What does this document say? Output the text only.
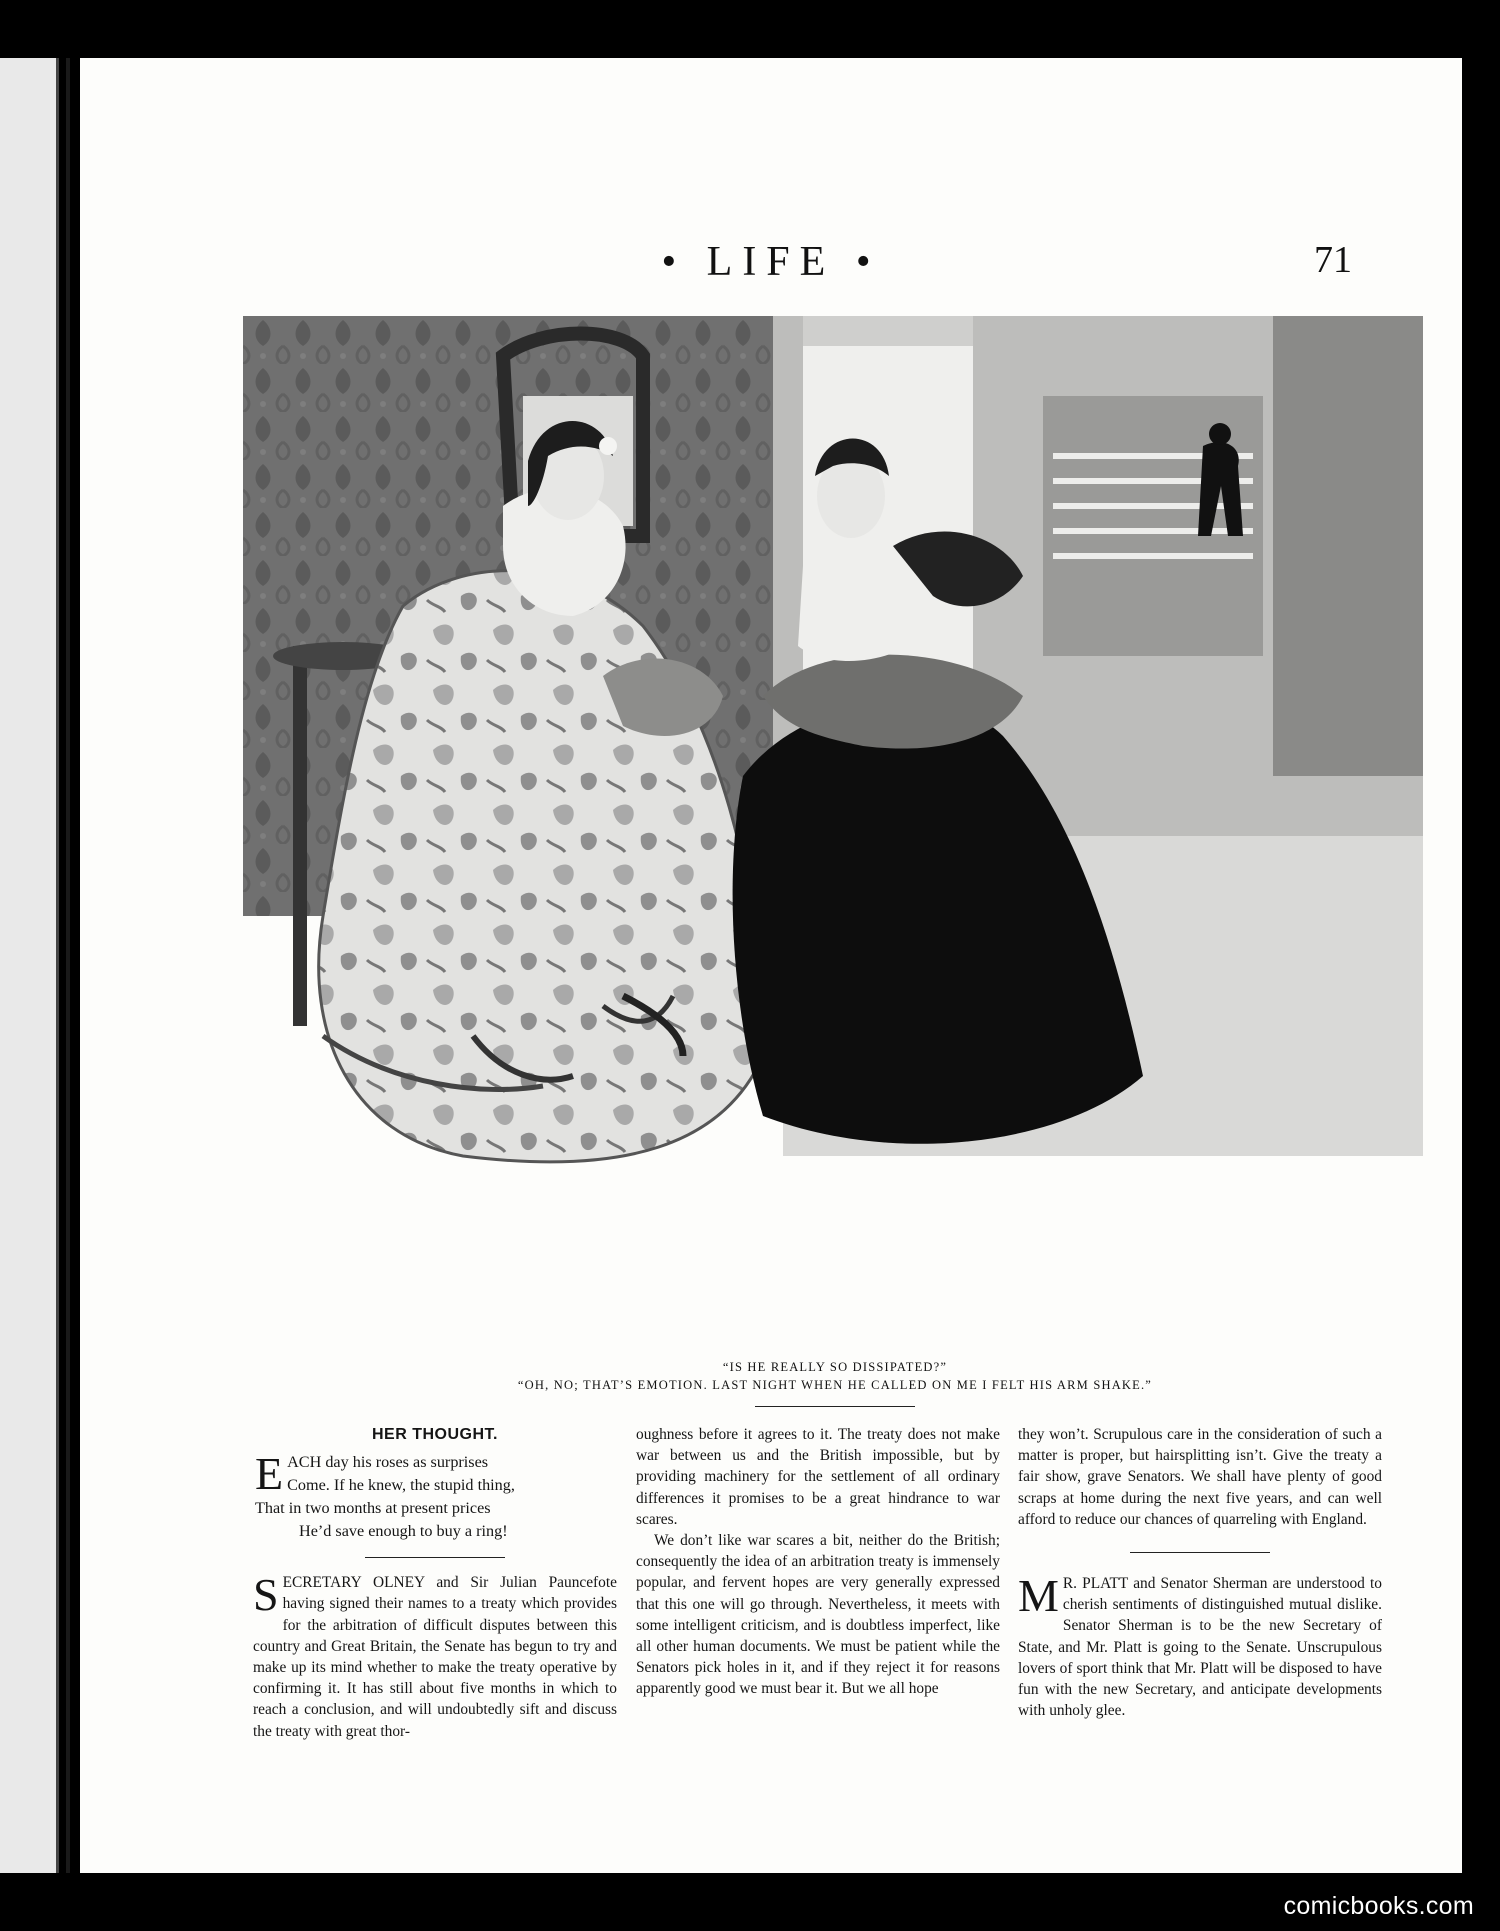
• LIFE •	71
“IS HE REALLY SO DISSIPATED?”
“OH, NO; THAT’S EMOTION. LAST NIGHT WHEN HE CALLED ON ME I FELT HIS ARM SHAKE.”

HER THOUGHT.

E ACH day his roses as surprises
Come. If he knew, the stupid thing,
That in two months at present prices
He’d save enough to buy a ring!

SECRETARY OLNEY and Sir Julian Pauncefote having signed their names to a treaty which provides for the arbitration of difficult disputes between this country and Great Britain, the Senate has begun to try and make up its mind whether to make the treaty operative by confirming it. It has still about five months in which to reach a conclusion, and will undoubtedly sift and discuss the treaty with great thor-

oughness before it agrees to it. The treaty does not make war between us and the British impossible, but by providing machinery for the settlement of all ordinary differences it promises to be a great hindrance to war scares.

We don’t like war scares a bit, neither do the British; consequently the idea of an arbitration treaty is immensely popular, and fervent hopes are very generally expressed that this one will go through. Nevertheless, it meets with some intelligent criticism, and is doubtless imperfect, like all other human documents. We must be patient while the Senators pick holes in it, and if they reject it for reasons apparently good we must bear it. But we all hope

they won’t. Scrupulous care in the consideration of such a matter is proper, but hairsplitting isn’t. Give the treaty a fair show, grave Senators. We shall have plenty of good scraps at home during the next five years, and can well afford to reduce our chances of quarreling with England.

M R. PLATT and Senator Sherman are understood to cherish sentiments of distinguished mutual dislike. Senator Sherman is to be the new Secretary of State, and Mr. Platt is going to the Senate. Unscrupulous lovers of sport think that Mr. Platt will be disposed to have fun with the new Secretary, and anticipate developments with unholy glee.

comicbooks.com
